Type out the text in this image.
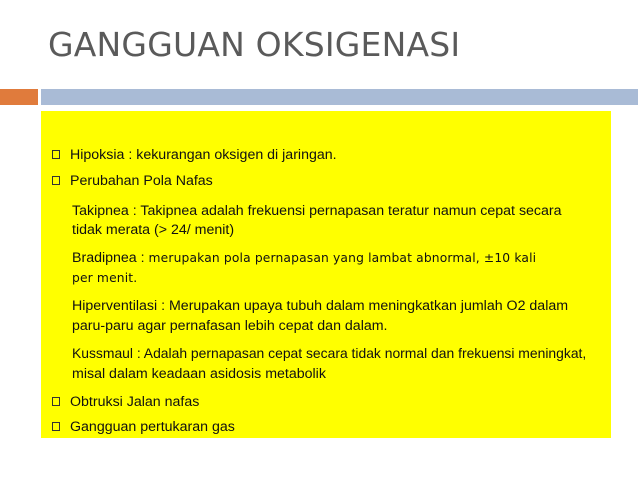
GANGGUAN OKSIGENASI
Hipoksia : kekurangan oksigen di jaringan.
Perubahan Pola Nafas
Takipnea : Takipnea adalah frekuensi pernapasan teratur namun cepat secara
tidak merata (> 24/ menit)
Bradipnea : merupakan pola pernapasan yang lambat abnormal, ±10 kali
per menit.
Hiperventilasi : Merupakan upaya tubuh dalam meningkatkan jumlah O2 dalam
paru-paru agar pernafasan lebih cepat dan dalam.
Kussmaul : Adalah pernapasan cepat secara tidak normal dan frekuensi meningkat,
misal dalam keadaan asidosis metabolik
Obtruksi Jalan nafas
Gangguan pertukaran gas
